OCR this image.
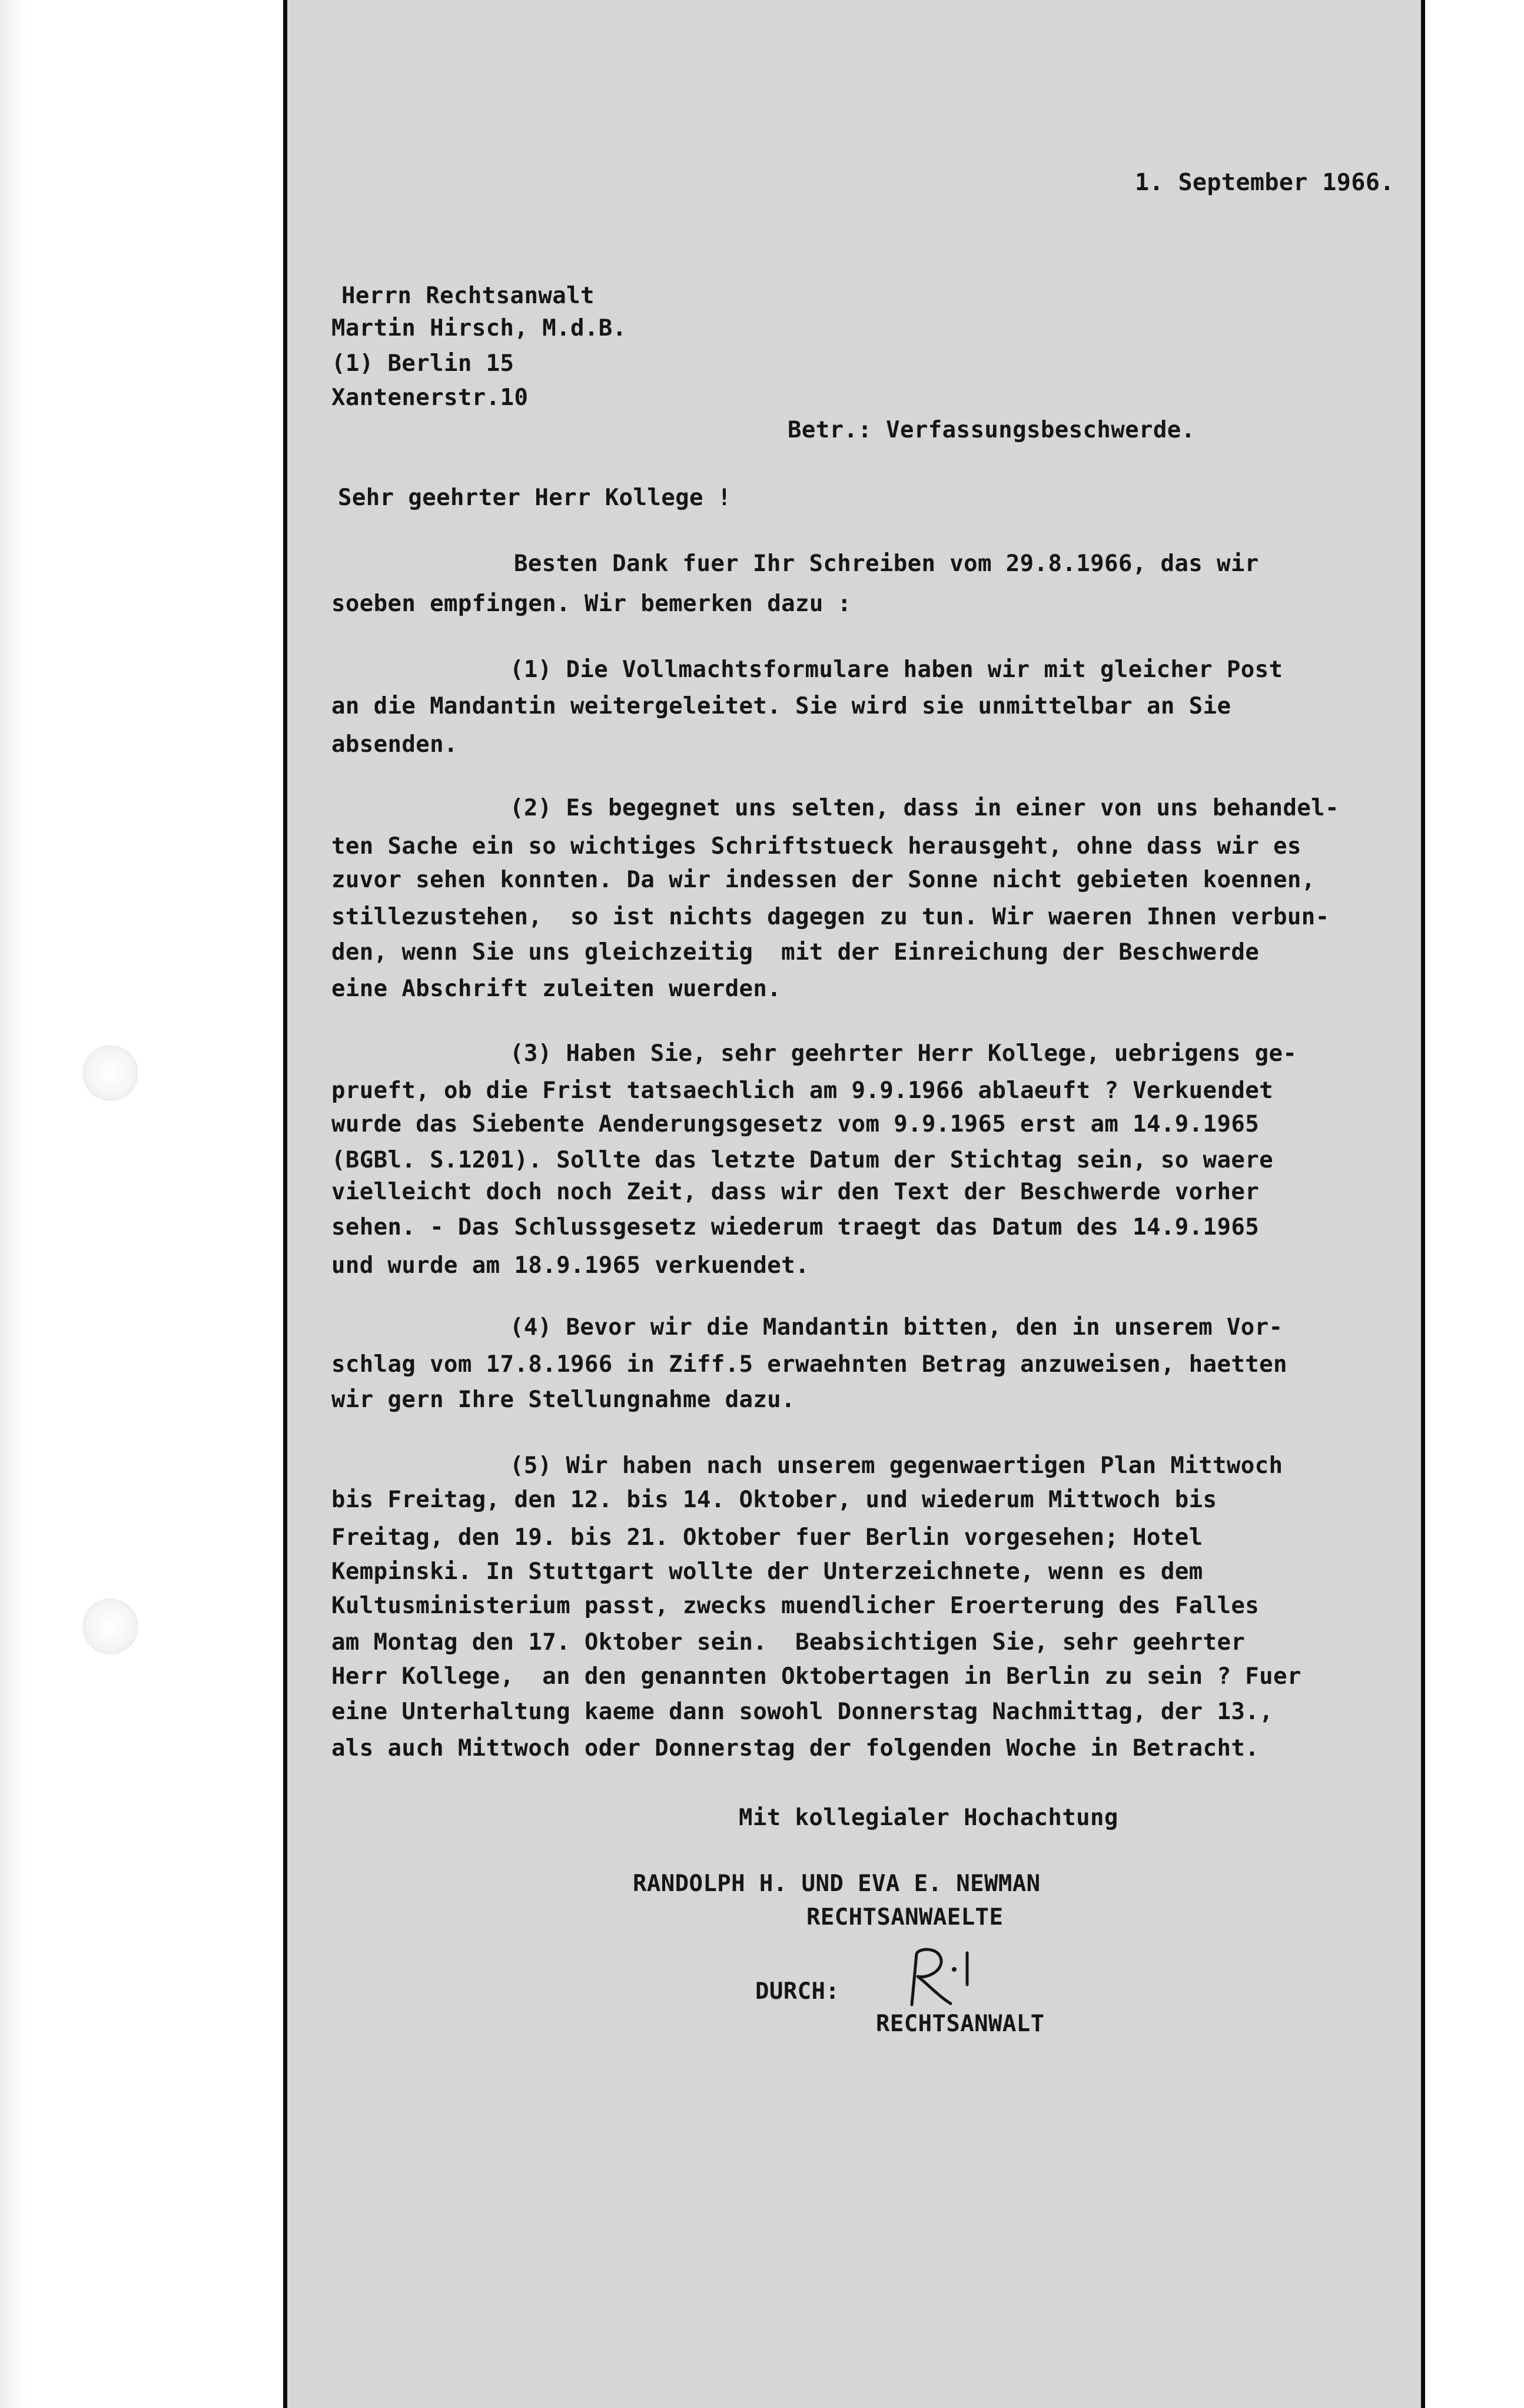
1. September 1966.
Herrn Rechtsanwalt
Martin Hirsch, M.d.B.
(1) Berlin 15
Xantenerstr.10
Betr.: Verfassungsbeschwerde.
Sehr geehrter Herr Kollege !
Besten Dank fuer Ihr Schreiben vom 29.8.1966, das wir
soeben empfingen. Wir bemerken dazu :
(1) Die Vollmachtsformulare haben wir mit gleicher Post
an die Mandantin weitergeleitet. Sie wird sie unmittelbar an Sie
absenden.
(2) Es begegnet uns selten, dass in einer von uns behandel-
ten Sache ein so wichtiges Schriftstueck herausgeht, ohne dass wir es
zuvor sehen konnten. Da wir indessen der Sonne nicht gebieten koennen,
stillezustehen,  so ist nichts dagegen zu tun. Wir waeren Ihnen verbun-
den, wenn Sie uns gleichzeitig  mit der Einreichung der Beschwerde
eine Abschrift zuleiten wuerden.
(3) Haben Sie, sehr geehrter Herr Kollege, uebrigens ge-
prueft, ob die Frist tatsaechlich am 9.9.1966 ablaeuft ? Verkuendet
wurde das Siebente Aenderungsgesetz vom 9.9.1965 erst am 14.9.1965
(BGBl. S.1201). Sollte das letzte Datum der Stichtag sein, so waere
vielleicht doch noch Zeit, dass wir den Text der Beschwerde vorher
sehen. - Das Schlussgesetz wiederum traegt das Datum des 14.9.1965
und wurde am 18.9.1965 verkuendet.
(4) Bevor wir die Mandantin bitten, den in unserem Vor-
schlag vom 17.8.1966 in Ziff.5 erwaehnten Betrag anzuweisen, haetten
wir gern Ihre Stellungnahme dazu.
(5) Wir haben nach unserem gegenwaertigen Plan Mittwoch
bis Freitag, den 12. bis 14. Oktober, und wiederum Mittwoch bis
Freitag, den 19. bis 21. Oktober fuer Berlin vorgesehen; Hotel
Kempinski. In Stuttgart wollte der Unterzeichnete, wenn es dem
Kultusministerium passt, zwecks muendlicher Eroerterung des Falles
am Montag den 17. Oktober sein.  Beabsichtigen Sie, sehr geehrter
Herr Kollege,  an den genannten Oktobertagen in Berlin zu sein ? Fuer
eine Unterhaltung kaeme dann sowohl Donnerstag Nachmittag, der 13.,
als auch Mittwoch oder Donnerstag der folgenden Woche in Betracht.
Mit kollegialer Hochachtung
RANDOLPH H. UND EVA E. NEWMAN
RECHTSANWAELTE
DURCH:
RECHTSANWALT
